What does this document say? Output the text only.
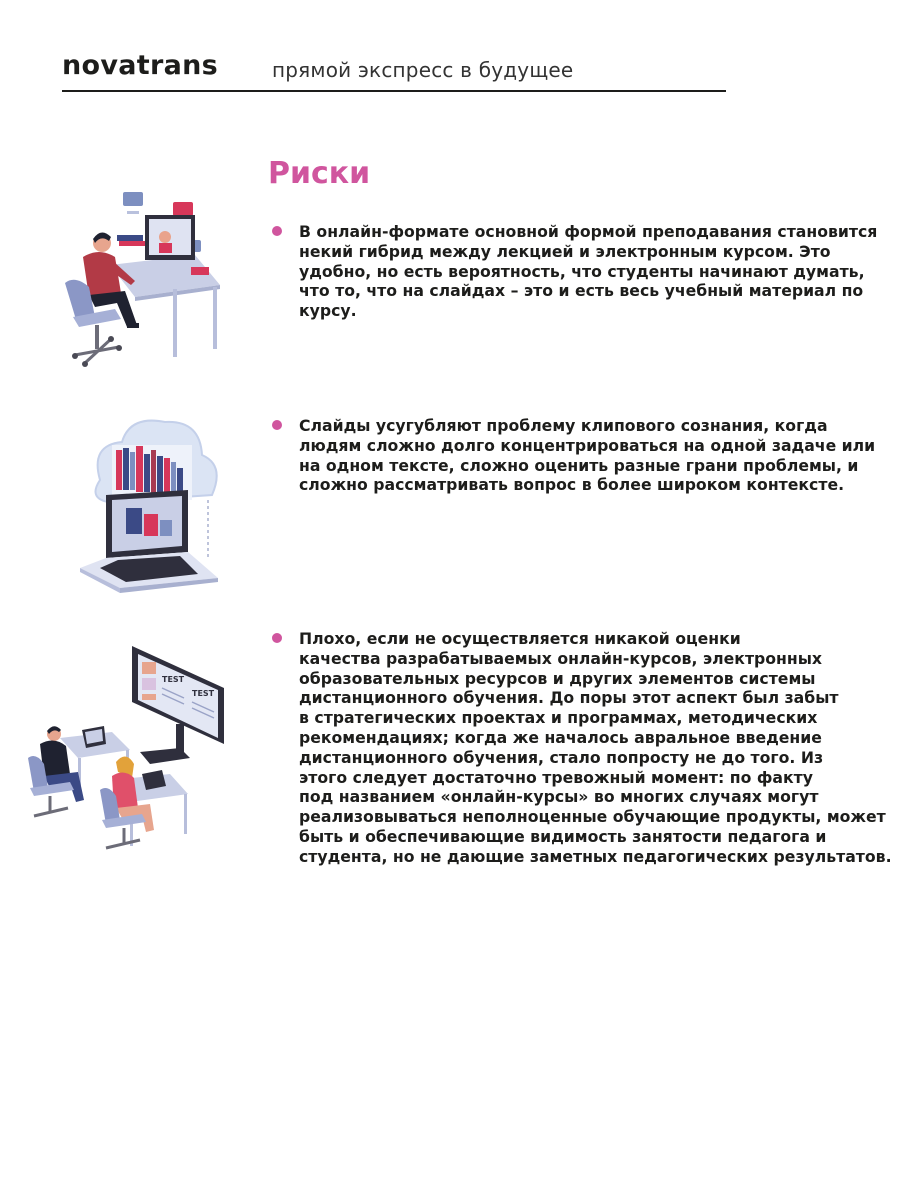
novatrans	прямой экспресс в будущее
Риски
TEST
TEST
В онлайн-формате основной формой преподавания становится
некий гибрид между лекцией и электронным курсом. Это
удобно, но есть вероятность, что студенты начинают думать,
что то, что на слайдах – это и есть весь учебный материал по
курсу.
Слайды усугубляют проблему клипового сознания, когда
людям сложно долго концентрироваться на одной задаче или
на одном тексте, сложно оценить разные грани проблемы, и
сложно рассматривать вопрос в более широком контексте.
Плохо, если не осуществляется никакой оценки
качества разрабатываемых онлайн-курсов, электронных
образовательных ресурсов и других элементов системы
дистанционного обучения. До поры этот аспект был забыт
в стратегических проектах и программах, методических
рекомендациях; когда же началось авральное введение
дистанционного обучения, стало попросту не до того. Из
этого следует достаточно тревожный момент: по факту
под названием «онлайн-курсы» во многих случаях могут
реализовываться неполноценные обучающие продукты, может
быть и обеспечивающие видимость занятости педагога и
студента, но не дающие заметных педагогических результатов.
